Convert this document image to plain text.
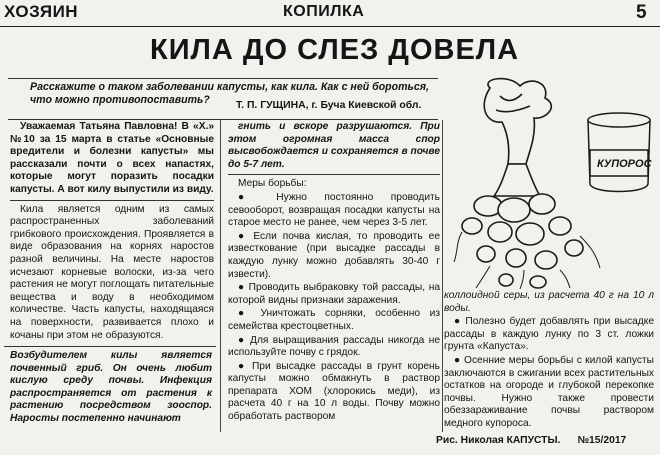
ХОЗЯИН	КОПИЛКА	5
КИЛА ДО СЛЕЗ ДОВЕЛА

Расскажите о таком заболевании капусты, как кила. Как с ней бороться, что можно противопоставить?	Т. П. ГУЩИНА, г. Буча Киевской обл.

Уважаемая Татьяна Павловна! В «Х.» №10 за 15 марта в статье «Основные вредители и болезни капусты» мы рассказали почти о всех напастях, которые могут поразить посадки капусты. А вот килу выпустили из виду.

Кила является одним из самых распространенных заболеваний грибкового происхождения. Проявляется в виде образования на корнях наростов разной величины. На месте наростов исчезают корневые волоски, из-за чего растения не могут поглощать питательные вещества и воду в необходимом количестве. Часть капусты, находящаяся на поверхности, развивается плохо и кочаны при этом не образуются.

Возбудителем килы является почвенный гриб. Он очень любит кислую среду почвы. Инфекция распространяется от растения к растению посредством зооспор. Наросты постепенно начинают

гнить и вскоре разрушаются. При этом огромная масса спор высвобождается и сохраняется в почве до 5-7 лет.

Меры борьбы:

● Нужно постоянно проводить севооборот, возвращая посадки капусты на старое место не ранее, чем через 3-5 лет.

● Если почва кислая, то проводить ее известкование (при высадке рассады в каждую лунку можно добавлять 30-40 г извести).

● Проводить выбраковку той рассады, на которой видны признаки заражения.

● Уничтожать сорняки, особенно из семейства крестоцветных.

● Для выращивания рассады никогда не используйте почву с грядок.

● При высадке рассады в грунт корень капусты можно обмакнуть в раствор препарата ХОМ (хлорокись меди), из расчета 40 г на 10 л воды. Почву можно обработать раствором

КУПОРОС

коллоидной серы, из расчета 40 г на 10 л воды.

● Полезно будет добавлять при высадке рассады в каждую лунку по 3 ст. ложки грунта «Капуста».

● Осенние меры борьбы с килой капусты заключаются в сжигании всех растительных остатков на огороде и глубокой перекопке почвы. Нужно также провести обеззараживание почвы раствором медного купороса.

Рис. Николая КАПУСТЫ.      №15/2017
